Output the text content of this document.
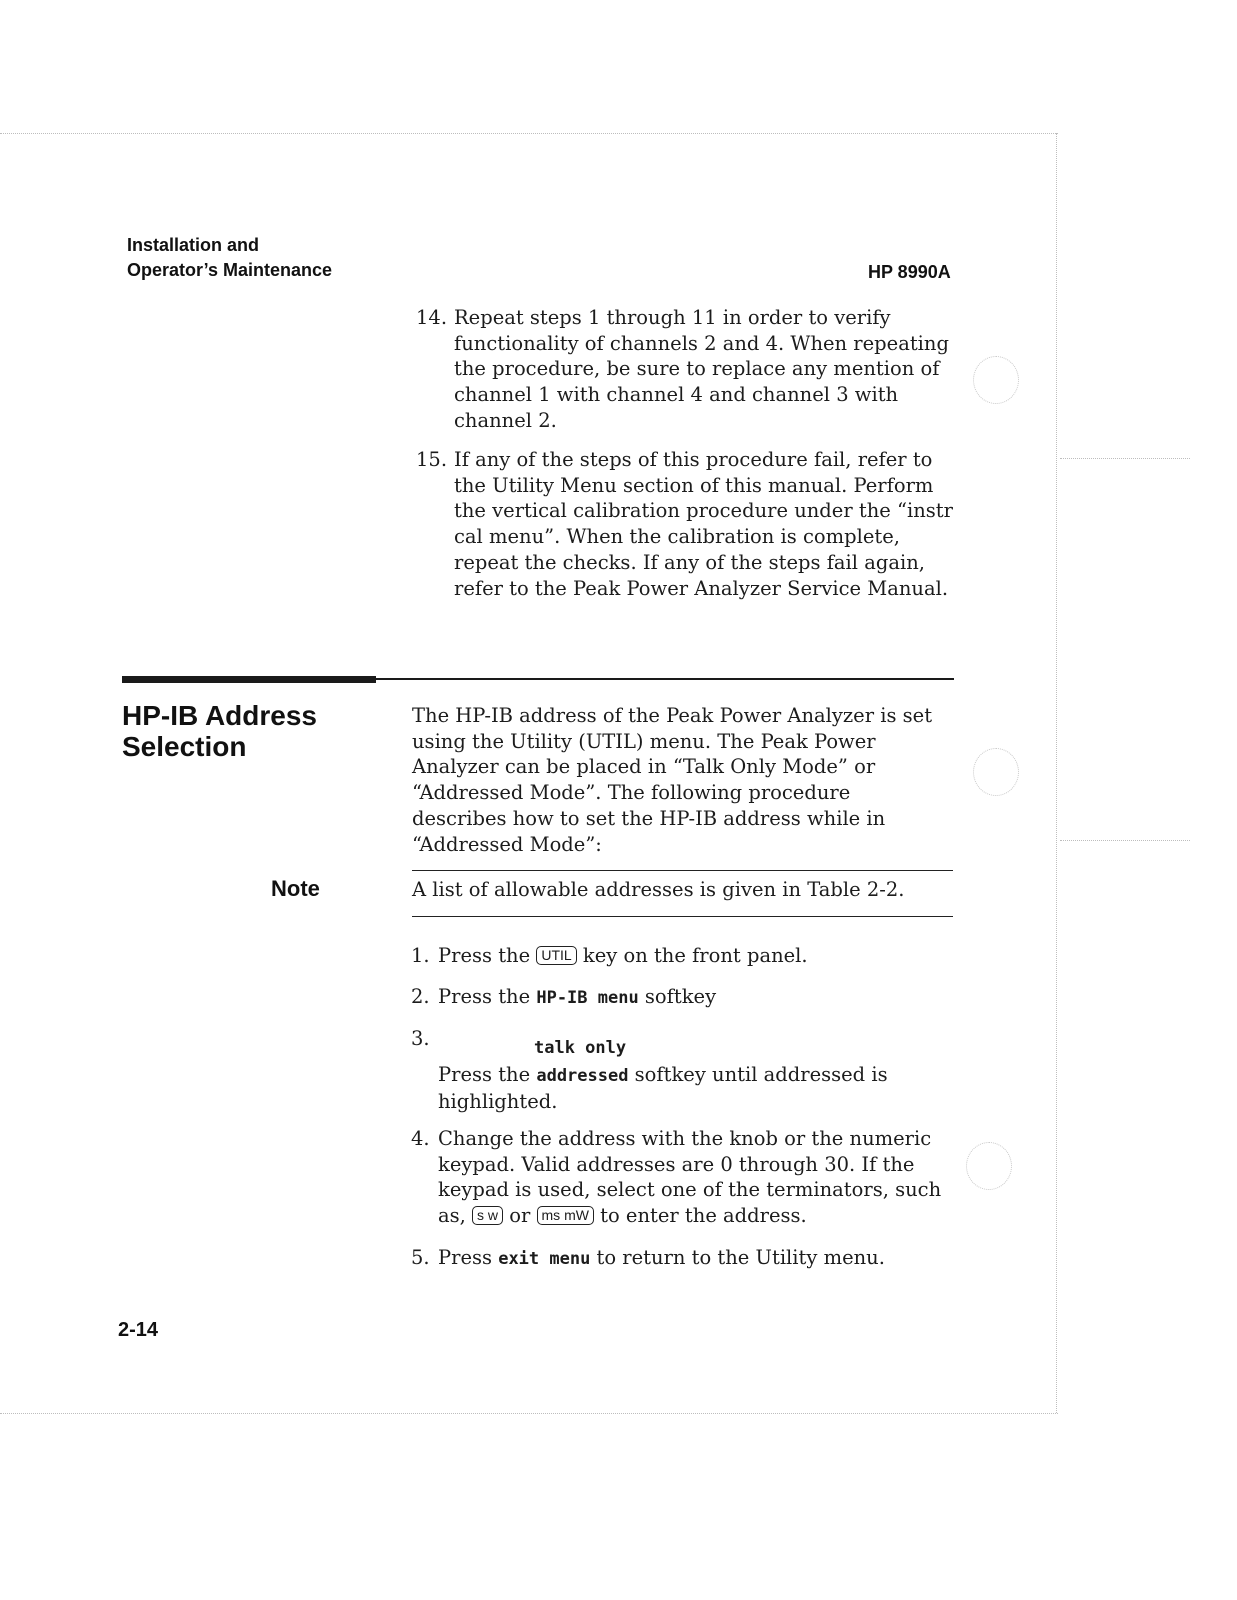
Installation and
Operator’s Maintenance	HP 8990A
14. Repeat steps 1 through 11 in order to verify functionality of channels 2 and 4. When repeating the procedure, be sure to replace any mention of channel 1 with channel 4 and channel 3 with channel 2.
15. If any of the steps of this procedure fail, refer to the Utility Menu section of this manual. Perform the vertical calibration procedure under the “instr cal menu”. When the calibration is complete, repeat the checks. If any of the steps fail again, refer to the Peak Power Analyzer Service Manual.
HP-IB Address
Selection
The HP-IB address of the Peak Power Analyzer is set using the Utility (UTIL) menu. The Peak Power Analyzer can be placed in “Talk Only Mode” or “Addressed Mode”. The following procedure describes how to set the HP-IB address while in “Addressed Mode”:
Note	A list of allowable addresses is given in Table 2-2.
1. Press the UTIL key on the front panel.
2. Press the HP-IB menu softkey
3.	talk only
Press the addressed softkey until addressed is highlighted.
4. Change the address with the knob or the numeric keypad. Valid addresses are 0 through 30. If the keypad is used, select one of the terminators, such as, s w or ms mW to enter the address.
5. Press exit menu to return to the Utility menu.
2-14
